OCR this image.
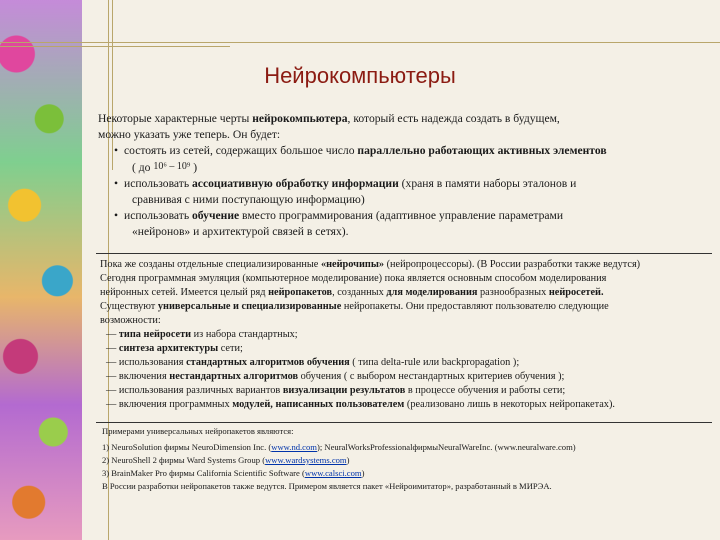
Нейрокомпьютеры

Некоторые характерные черты нейрокомпьютера, который есть надежда создать в будущем,

можно указать уже теперь. Он будет:

• состоять из сетей, содержащих большое число параллельно работающих активных элементов
( до 10⁶ – 10⁹ )
• использовать ассоциативную обработку информации (храня в памяти наборы эталонов и
сравнивая с ними поступающую информацию)
• использовать обучение вместо программирования (адаптивное управление параметрами
«нейронов» и архитектурой связей в сетях).

Пока же созданы отдельные специализированные «нейрочипы» (нейропроцессоры). (В России разработки также ведутся)

Сегодня программная эмуляция (компьютерное моделирование) пока является основным способом моделирования

нейронных сетей. Имеется целый ряд нейропакетов, созданных для моделирования разнообразных нейросетей.

Существуют универсальные и специализированные нейропакеты. Они предоставляют пользователю следующие

возможности:

— типа нейросети из набора стандартных;

— синтеза архитектуры сети;

— использования стандартных алгоритмов обучения ( типа delta-rule или backpropagation );

— включения нестандартных алгоритмов обучения ( с выбором нестандартных критериев обучения );

— использования различных вариантов визуализации результатов в процессе обучения и работы сети;

— включения программных модулей, написанных пользователем (реализовано лишь в некоторых нейропакетах).

Примерами универсальных нейропакетов являются:

1) NeuroSolution фирмы NeuroDimension Inc. (www.nd.com); NeuralWorksProfessionalфирмыNeuralWareInc. (www.neuralware.com)

2) NeuroShell 2 фирмы Ward Systems Group (www.wardsystems.com)

3) BrainMaker Pro фирмы California Scientific Software (www.calsci.com)

В России разработки нейропакетов также ведутся. Примером является пакет «Нейроимитатор», разработанный в МИРЭА.
